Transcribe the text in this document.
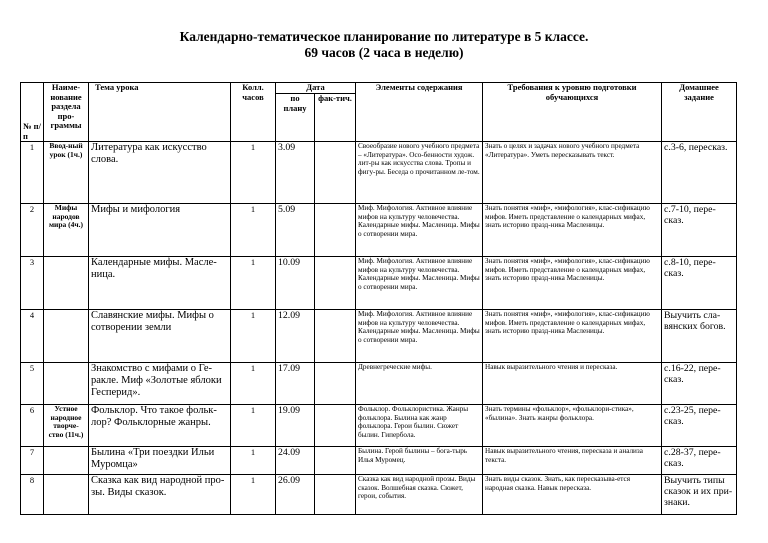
Календарно-тематическое планирование по литературе в 5 классе.
69 часов (2 часа в неделю)
№ п/п	Наиме-нование раздела про-граммы	Тема урока	Колл. часов	Дата		Элементы содержания	Требования к уровню подготовки обучающихся	Домашнее задание
				по плану	фак-тич.			
1	Ввод-ный урок (1ч.)	Литература как искусство слова.	1	3.09		Своеобразие нового учебного предмета – «Литература». Осо-бенности худож. лит-ры как искусства слова. Тропы и фигу-ры. Беседа о прочитанном ле-том.	Знать о целях и задачах нового учебного предмета «Литература». Уметь пересказывать текст.	с.3-6, пересказ.
2	Мифы народов мира (4ч.)	Мифы и мифология	1	5.09		Миф. Мифология. Активное влияние мифов на культуру человечества. Календарные мифы. Масленица. Мифы о сотворении мира.	Знать понятия «миф», «мифология», клас-сификацию мифов. Иметь представление о календарных мифах, знать историю празд-ника Масленицы.	с.7-10, пере-сказ.
3		Календарные мифы. Масле-ница.	1	10.09		Миф. Мифология. Активное влияние мифов на культуру человечества. Календарные мифы. Масленица. Мифы о сотворении мира.	Знать понятия «миф», «мифология», клас-сификацию мифов. Иметь представление о календарных мифах, знать историю празд-ника Масленицы.	с.8-10, пере-сказ.
4		Славянские мифы. Мифы о сотворении земли	1	12.09		Миф. Мифология. Активное влияние мифов на культуру человечества. Календарные мифы. Масленица. Мифы о сотворении мира.	Знать понятия «миф», «мифология», клас-сификацию мифов. Иметь представление о календарных мифах, знать историю празд-ника Масленицы.	Выучить сла-вянских богов.
5		Знакомство с мифами о Ге-ракле. Миф «Золотые яблоки Гесперид».	1	17.09		Древнегреческие мифы.	Навык выразительного чтения и пересказа.	с.16-22, пере-сказ.
6	Устное народное творче-ство (11ч.)	Фольклор. Что такое фольк-лор? Фольклорные жанры.	1	19.09		Фольклор. Фольклористика. Жанры фольклора. Былина как жанр фольклора. Герои былин. Сюжет былин. Гипербола.	Знать термины «фольклор», «фольклори-стика», «былина». Знать жанры фольклора.	с.23-25, пере-сказ.
7		Былина «Три поездки Ильи Муромца»	1	24.09		Былина. Герой былины – бога-тырь Илья Муромец.	Навык выразительного чтения, пересказа и анализа текста.	с.28-37, пере-сказ.
8		Сказка как вид народной про-зы. Виды сказок.	1	26.09		Сказка как вид народной прозы. Виды сказок. Волшебная сказка. Сюжет, герои, события.	Знать виды сказок. Знать, как пересказыва-ется народная сказка. Навык пересказа.	Выучить типы сказок и их при-знаки.
